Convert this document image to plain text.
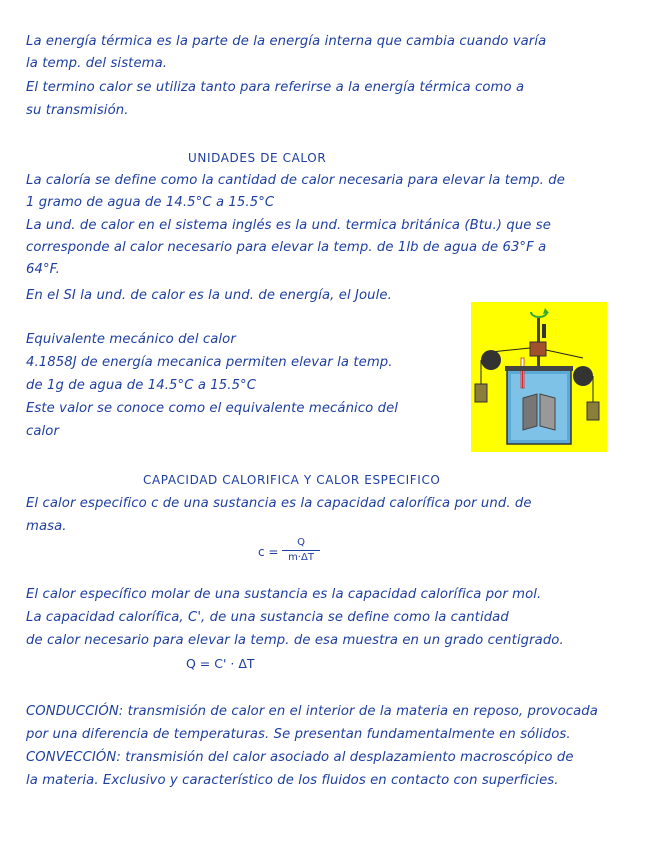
La energía térmica es la parte de la energía interna que cambia cuando varía
la temp. del sistema.
El termino calor se utiliza tanto para referirse a la energía térmica como a
su transmisión.
UNIDADES DE CALOR
La caloría se define como la cantidad de calor necesaria para elevar la temp. de
1 gramo de agua de 14.5°C a 15.5°C
La und. de calor en el sistema inglés es la und. termica británica (Btu.) que se
corresponde al calor necesario para elevar la temp. de 1lb de agua de 63°F a
64°F.
En el SI la und. de calor es la und. de energía, el Joule.
Equivalente mecánico del calor
4.1858J de energía mecanica permiten elevar la temp.
de 1g de agua de 14.5°C a 15.5°C
Este valor se conoce como el equivalente mecánico del
calor
CAPACIDAD CALORIFICA Y CALOR ESPECIFICO
El calor especifico c de una sustancia es la capacidad calorífica por und. de
masa.
c =
Q
m·ΔT
El calor específico molar de una sustancia es la capacidad calorífica por mol.
La capacidad calorífica, C', de una sustancia se define como la cantidad
de calor necesario para elevar la temp. de esa muestra en un grado centigrado.
Q = C' · ΔT
CONDUCCIÓN: transmisión de calor en el interior de la materia en reposo, provocada
por una diferencia de temperaturas. Se presentan fundamentalmente en sólidos.
CONVECCIÓN: transmisión del calor asociado al desplazamiento macroscópico de
la materia. Exclusivo y característico de los fluidos en contacto con superficies.
